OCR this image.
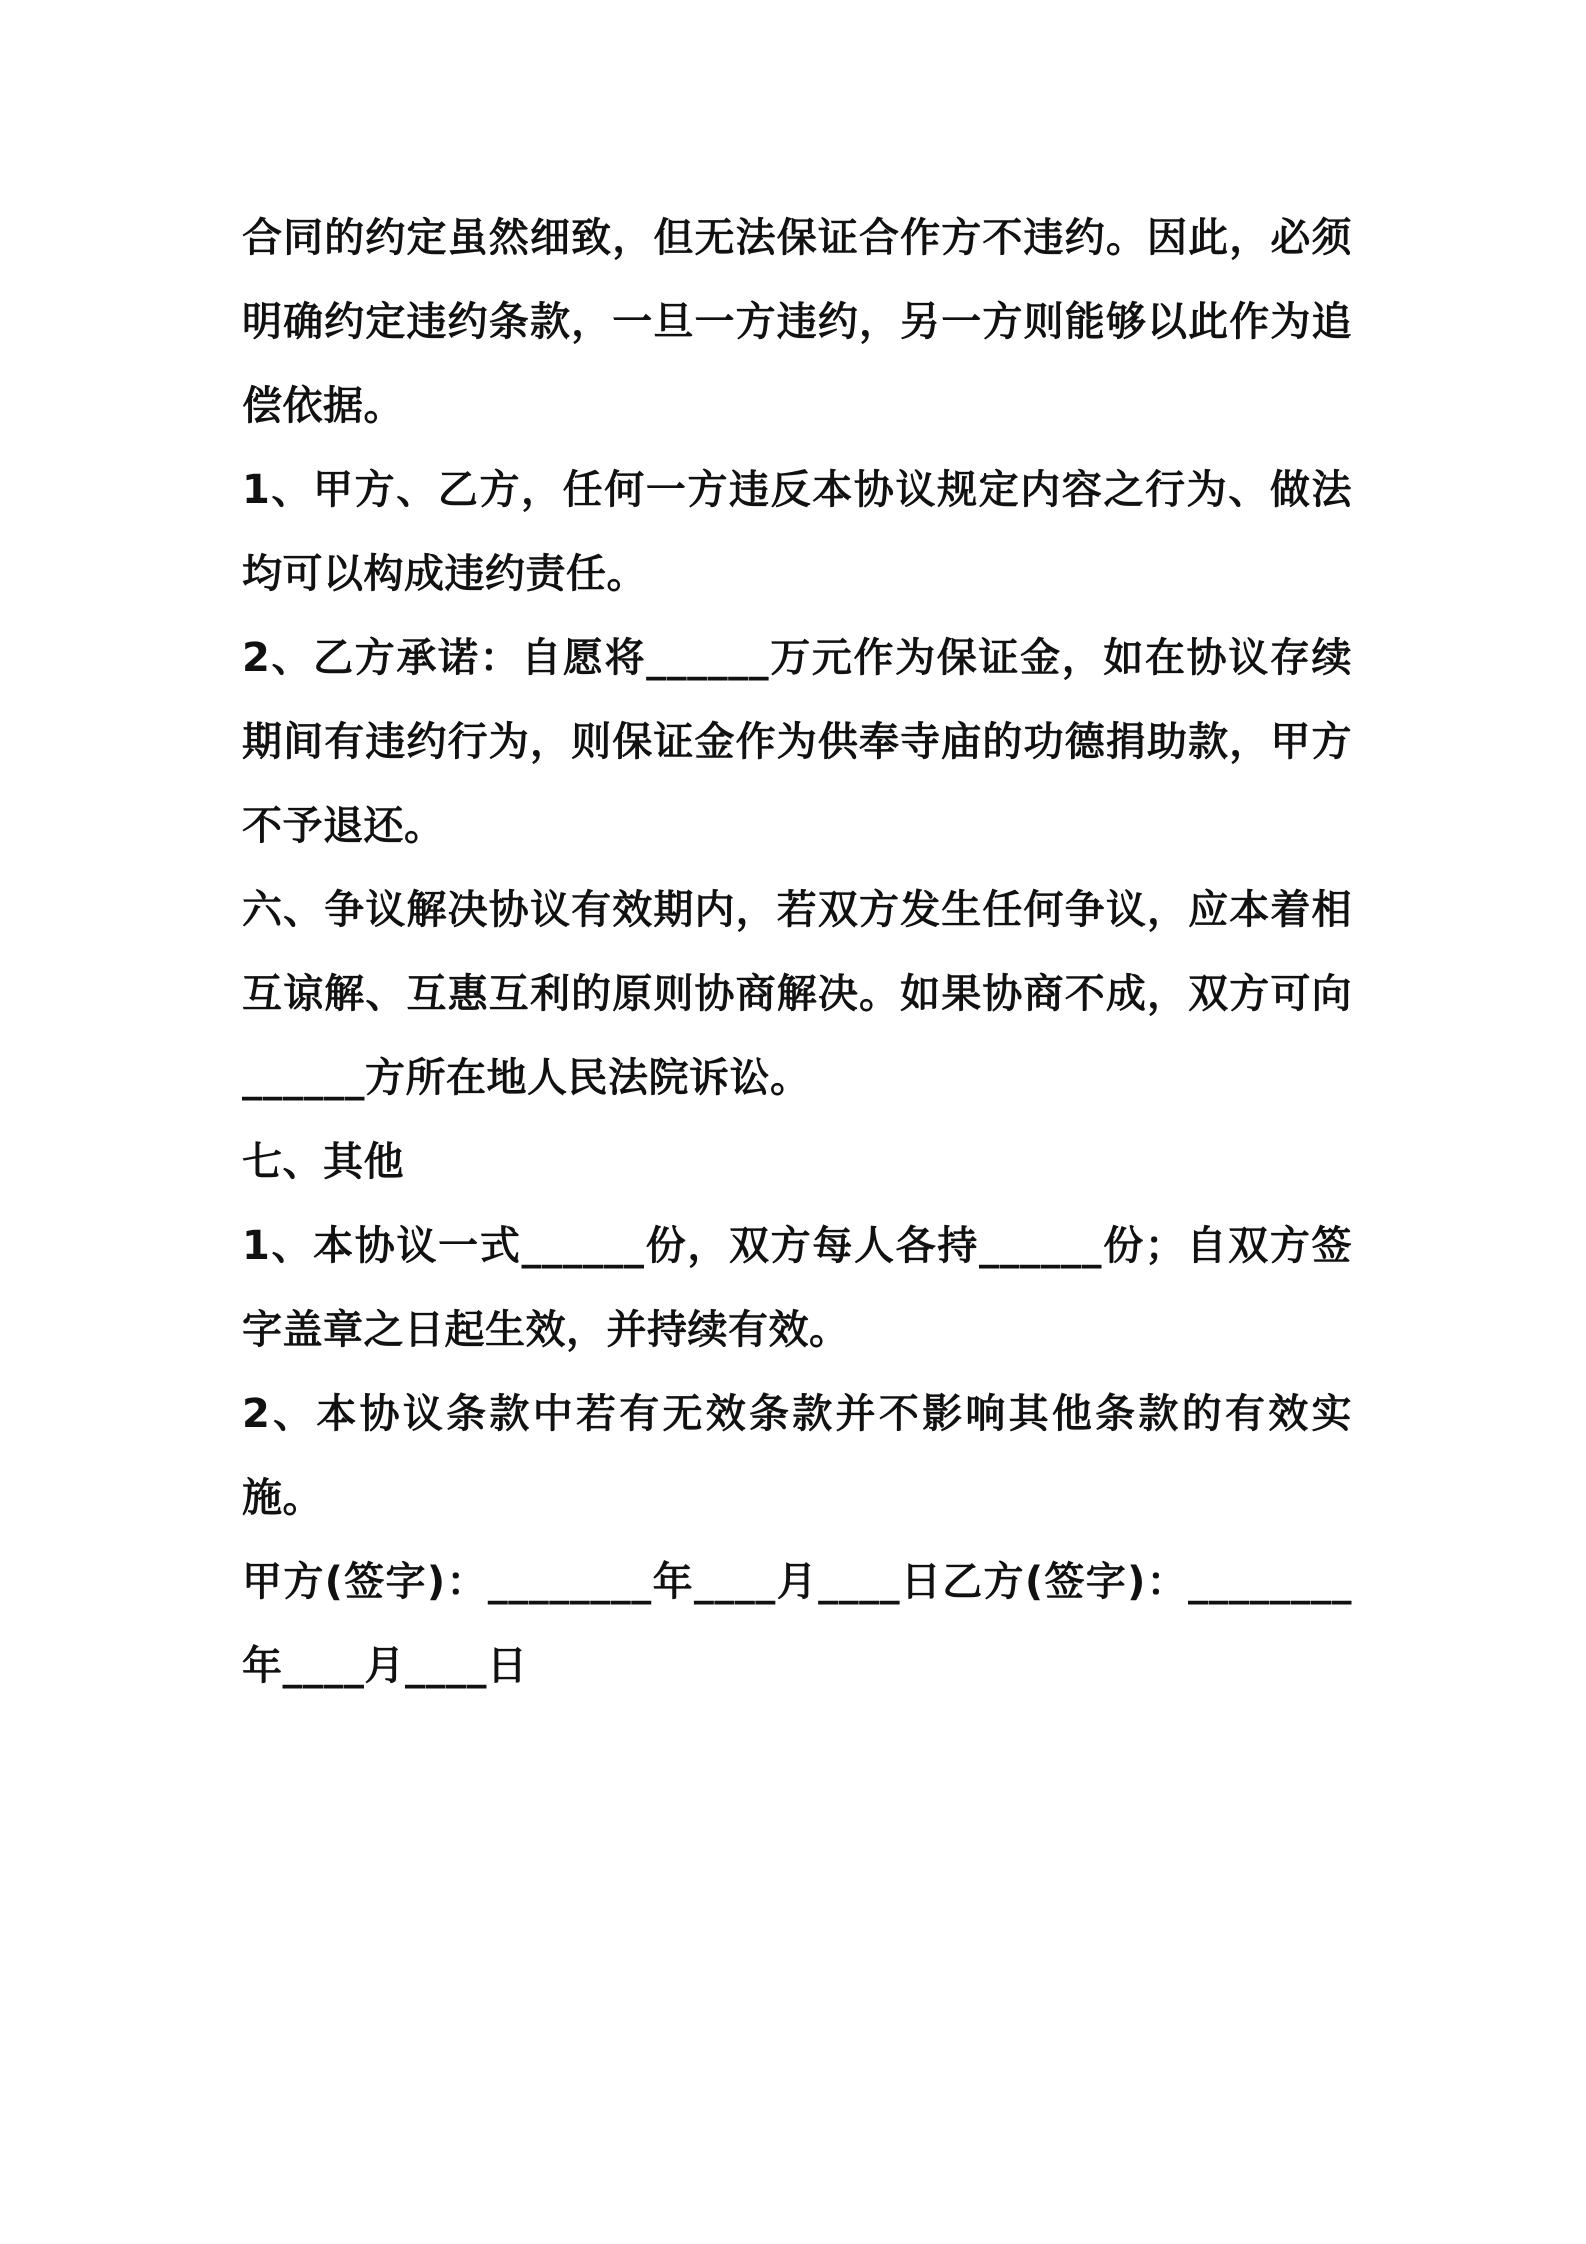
合同的约定虽然细致，但无法保证合作方不违约。因此，必须明确约定违约条款，一旦一方违约，另一方则能够以此作为追偿依据。

1、甲方、乙方，任何一方违反本协议规定内容之行为、做法均可以构成违约责任。

2、乙方承诺：自愿将______万元作为保证金，如在协议存续期间有违约行为，则保证金作为供奉寺庙的功德捐助款，甲方不予退还。

六、争议解决协议有效期内，若双方发生任何争议，应本着相互谅解、互惠互利的原则协商解决。如果协商不成，双方可向______方所在地人民法院诉讼。

七、其他

1、本协议一式______份，双方每人各持______份；自双方签字盖章之日起生效，并持续有效。

2、本协议条款中若有无效条款并不影响其他条款的有效实施。

甲方(签字)：________年____月____日乙方(签字)：________年____月____日
